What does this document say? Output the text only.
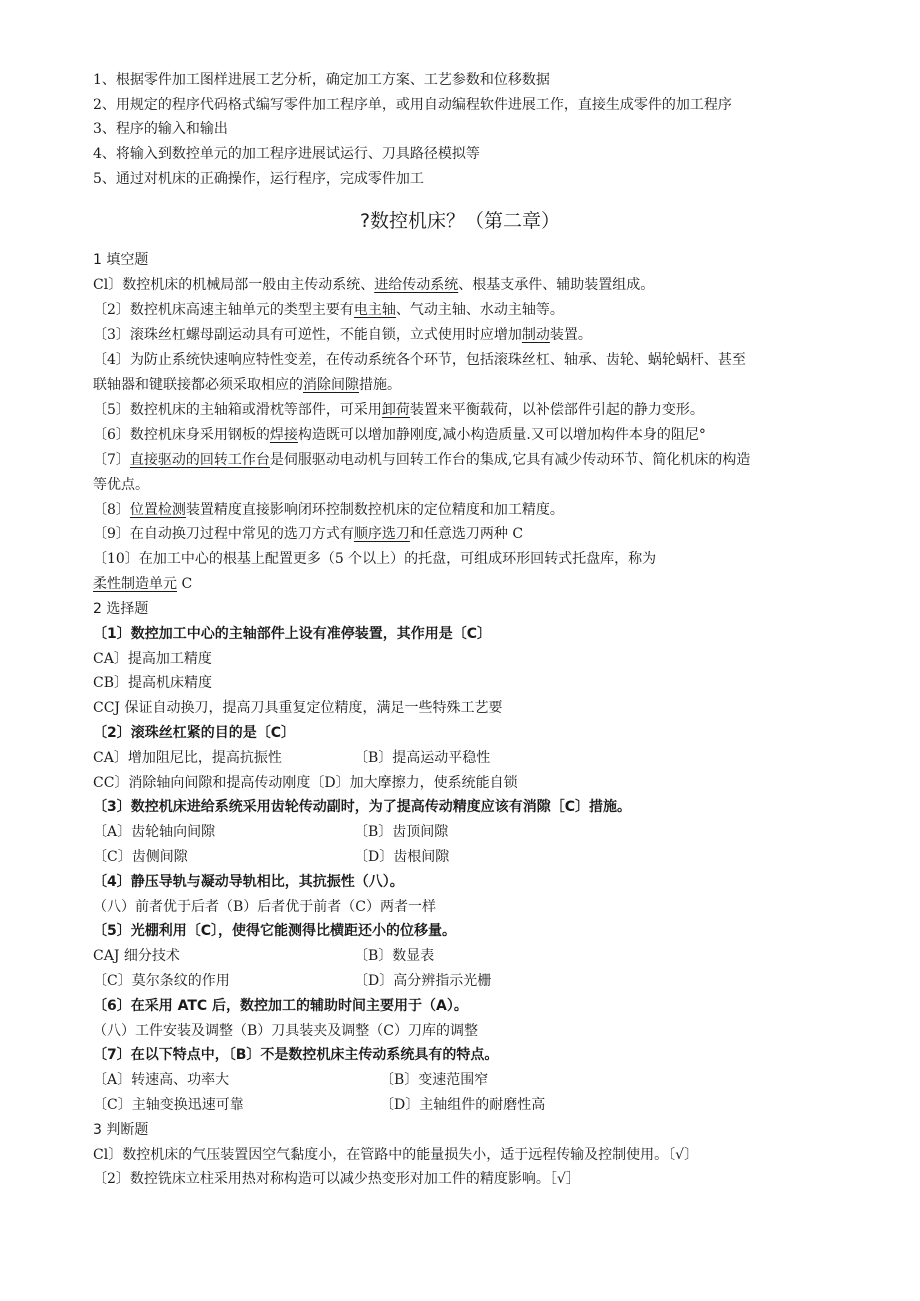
1、根据零件加工图样进展工艺分析，确定加工方案、工艺参数和位移数据
2、用规定的程序代码格式编写零件加工程序单，或用自动编程软件进展工作，直接生成零件的加工程序
3、程序的输入和输出
4、将输入到数控单元的加工程序进展试运行、刀具路径模拟等
5、通过对机床的正确操作，运行程序，完成零件加工
?数控机床？（第二章）
1 填空题
Cl〕数控机床的机械局部一般由主传动系统、进给传动系统、根基支承件、辅助装置组成。
〔2〕数控机床高速主轴单元的类型主要有电主轴、气动主轴、水动主轴等。
〔3〕滚珠丝杠螺母副运动具有可逆性，不能自锁，立式使用时应增加制动装置。
〔4〕为防止系统快速响应特性变差，在传动系统各个环节，包括滚珠丝杠、轴承、齿轮、蜗轮蜗杆、甚至
联轴器和键联接都必须采取相应的消除间隙措施。
〔5〕数控机床的主轴箱或滑枕等部件，可采用卸荷装置来平衡载荷，以补偿部件引起的静力变形。
〔6〕数控机床身采用钢板的焊接构造既可以增加静刚度,减小构造质量.又可以增加构件本身的阻尼°
〔7〕直接驱动的回转工作台是伺服驱动电动机与回转工作台的集成,它具有减少传动环节、简化机床的构造
等优点。
〔8〕位置检测装置精度直接影响闭环控制数控机床的定位精度和加工精度。
〔9〕在自动换刀过程中常见的选刀方式有顺序选刀和任意选刀两种 C
〔10〕在加工中心的根基上配置更多（5 个以上）的托盘，可组成环形回转式托盘库，称为
柔性制造单元 C
2 选择题
〔1〕数控加工中心的主轴部件上设有准停装置，其作用是〔C〕
CA〕提高加工精度
CB〕提高机床精度
CCJ 保证自动换刀，提高刀具重复定位精度，满足一些特殊工艺要
〔2〕滚珠丝杠紧的目的是〔C〕
CA〕增加阻尼比，提高抗振性	〔B〕提高运动平稳性
CC〕消除轴向间隙和提高传动刚度〔D〕加大摩擦力，使系统能自锁
〔3〕数控机床进给系统采用齿轮传动副时，为了提高传动精度应该有消隙［C〕措施。
〔A〕齿轮轴向间隙	〔B〕齿顶间隙
〔C〕齿侧间隙	〔D〕齿根间隙
〔4〕静压导轨与凝动导轨相比，其抗振性（八）。
（八）前者优于后者（B）后者优于前者（C）两者一样
〔5〕光棚利用〔C〕，使得它能测得比横距还小的位移量。
CAJ 细分技术	〔B〕数显表
〔C〕莫尔条纹的作用	〔D〕高分辨指示光栅
〔6〕在采用 ATC 后，数控加工的辅助时间主要用于（A）。
（八）工件安装及调整（B）刀具装夹及调整（C）刀库的调整
〔7〕在以下特点中，〔B〕不是数控机床主传动系统具有的特点。
〔A〕转速高、功率大	〔B〕变速范围窄
〔C〕主轴变换迅速可靠	〔D〕主轴组件的耐磨性高
3 判断题
Cl〕数控机床的气压装置因空气黏度小，在管路中的能量损失小，适于远程传输及控制使用。〔√〕
〔2〕数控铣床立柱采用热对称构造可以减少热变形对加工件的精度影响。［√］
